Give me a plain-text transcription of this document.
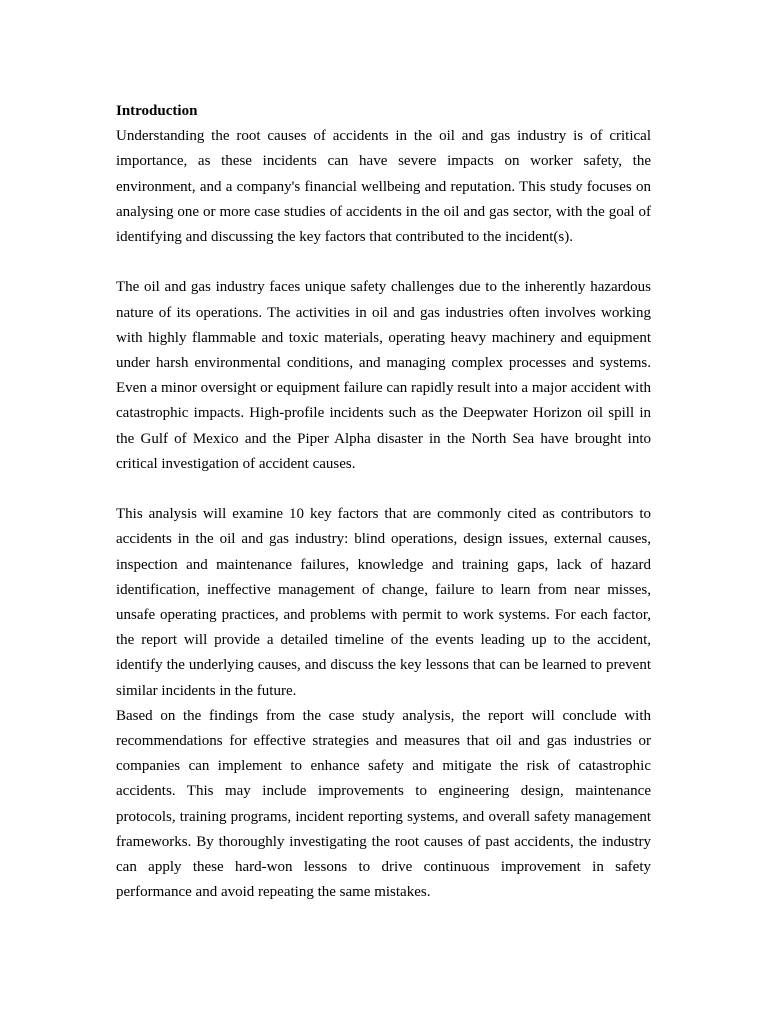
Introduction

Understanding the root causes of accidents in the oil and gas industry is of critical importance, as these incidents can have severe impacts on worker safety, the environment, and a company's financial wellbeing and reputation. This study focuses on analysing one or more case studies of accidents in the oil and gas sector, with the goal of identifying and discussing the key factors that contributed to the incident(s).

The oil and gas industry faces unique safety challenges due to the inherently hazardous nature of its operations. The activities in oil and gas industries often involves working with highly flammable and toxic materials, operating heavy machinery and equipment under harsh environmental conditions, and managing complex processes and systems. Even a minor oversight or equipment failure can rapidly result into a major accident with catastrophic impacts. High-profile incidents such as the Deepwater Horizon oil spill in the Gulf of Mexico and the Piper Alpha disaster in the North Sea have brought into critical investigation of accident causes.

This analysis will examine 10 key factors that are commonly cited as contributors to accidents in the oil and gas industry: blind operations, design issues, external causes, inspection and maintenance failures, knowledge and training gaps, lack of hazard identification, ineffective management of change, failure to learn from near misses, unsafe operating practices, and problems with permit to work systems. For each factor, the report will provide a detailed timeline of the events leading up to the accident, identify the underlying causes, and discuss the key lessons that can be learned to prevent similar incidents in the future.

Based on the findings from the case study analysis, the report will conclude with recommendations for effective strategies and measures that oil and gas industries or companies can implement to enhance safety and mitigate the risk of catastrophic accidents. This may include improvements to engineering design, maintenance protocols, training programs, incident reporting systems, and overall safety management frameworks. By thoroughly investigating the root causes of past accidents, the industry can apply these hard-won lessons to drive continuous improvement in safety performance and avoid repeating the same mistakes.
